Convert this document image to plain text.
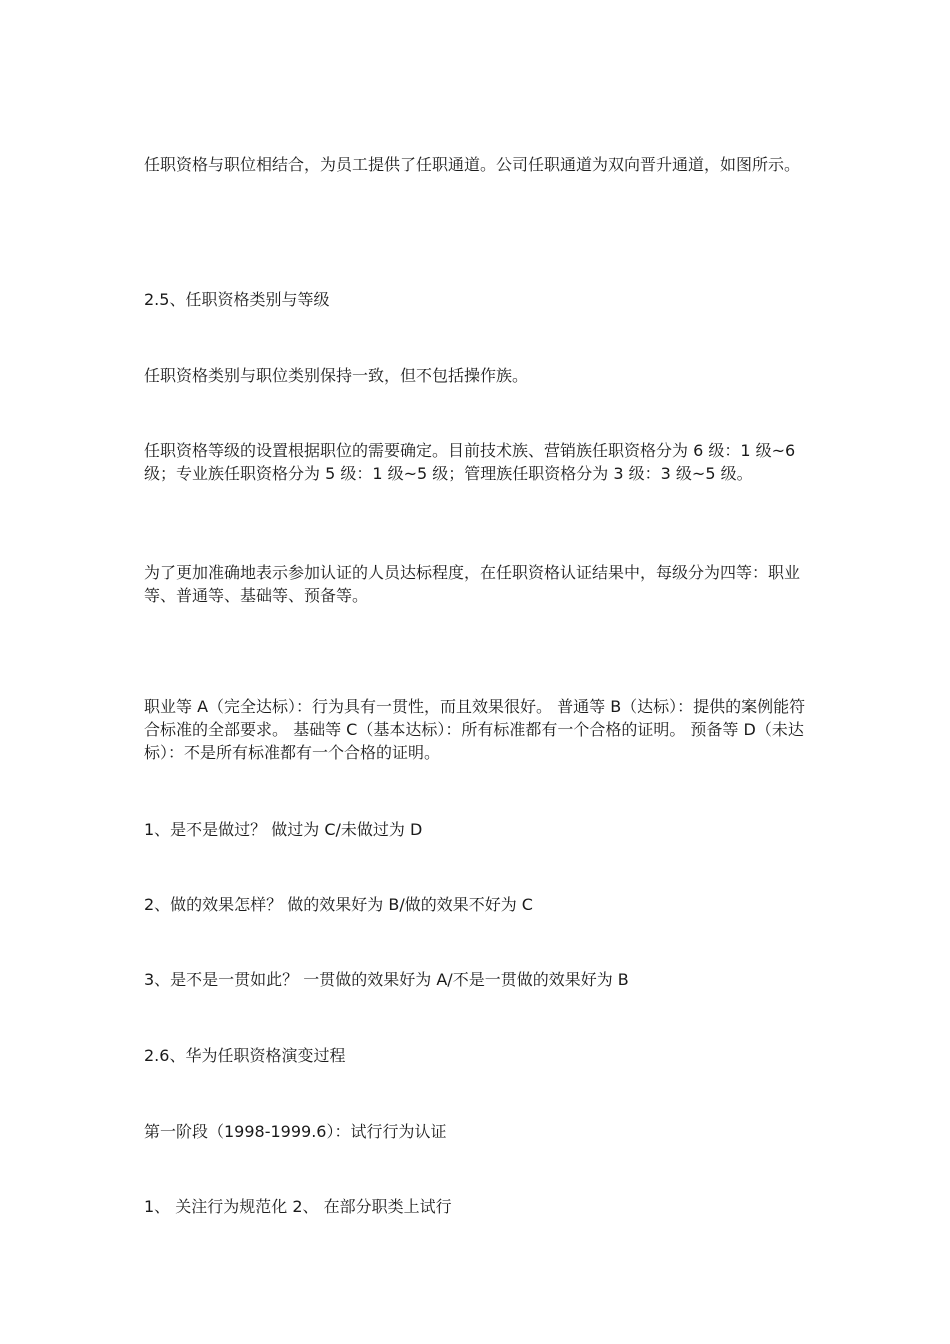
任职资格与职位相结合，为员工提供了任职通道。公司任职通道为双向晋升通道，如图所示。

2.5、任职资格类别与等级

任职资格类别与职位类别保持一致，但不包括操作族。

任职资格等级的设置根据职位的需要确定。目前技术族、营销族任职资格分为 6 级：1 级~6 级；专业族任职资格分为 5 级：1 级~5 级；管理族任职资格分为 3 级：3 级~5 级。

为了更加准确地表示参加认证的人员达标程度，在任职资格认证结果中，每级分为四等：职业等、普通等、基础等、预备等。

职业等 A（完全达标）：行为具有一贯性，而且效果很好。 普通等 B（达标）：提供的案例能符合标准的全部要求。 基础等 C（基本达标）：所有标准都有一个合格的证明。 预备等 D（未达标）：不是所有标准都有一个合格的证明。

1、是不是做过？ 做过为 C/未做过为 D

2、做的效果怎样？ 做的效果好为 B/做的效果不好为 C

3、是不是一贯如此？ 一贯做的效果好为 A/不是一贯做的效果好为 B

2.6、华为任职资格演变过程

第一阶段（1998-1999.6）：试行行为认证

1、 关注行为规范化 2、 在部分职类上试行
